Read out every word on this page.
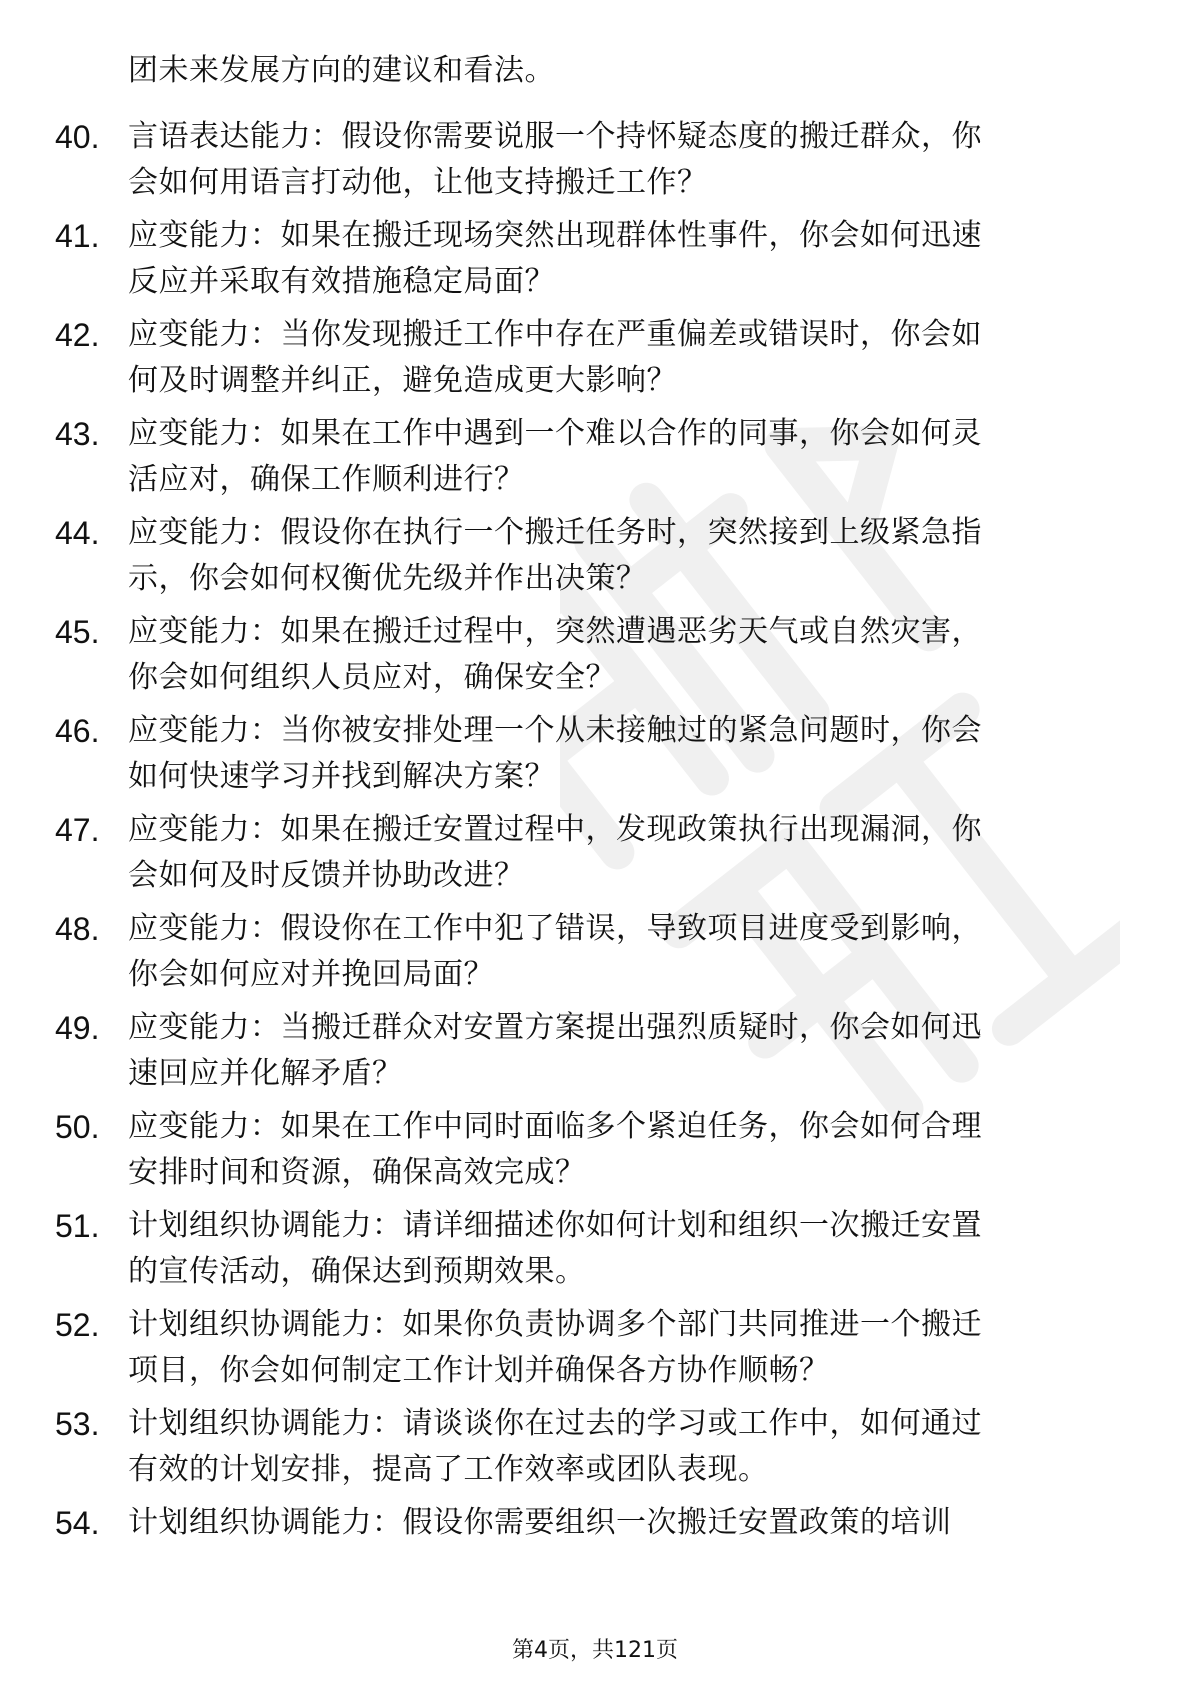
团未来发展方向的建议和看法。
40. 言语表达能力：假设你需要说服一个持怀疑态度的搬迁群众，你
会如何用语言打动他，让他支持搬迁工作？
41. 应变能力：如果在搬迁现场突然出现群体性事件，你会如何迅速
反应并采取有效措施稳定局面？
42. 应变能力：当你发现搬迁工作中存在严重偏差或错误时，你会如
何及时调整并纠正，避免造成更大影响？
43. 应变能力：如果在工作中遇到一个难以合作的同事，你会如何灵
活应对，确保工作顺利进行？
44. 应变能力：假设你在执行一个搬迁任务时，突然接到上级紧急指
示，你会如何权衡优先级并作出决策？
45. 应变能力：如果在搬迁过程中，突然遭遇恶劣天气或自然灾害，
你会如何组织人员应对，确保安全？
46. 应变能力：当你被安排处理一个从未接触过的紧急问题时，你会
如何快速学习并找到解决方案？
47. 应变能力：如果在搬迁安置过程中，发现政策执行出现漏洞，你
会如何及时反馈并协助改进？
48. 应变能力：假设你在工作中犯了错误，导致项目进度受到影响，
你会如何应对并挽回局面？
49. 应变能力：当搬迁群众对安置方案提出强烈质疑时，你会如何迅
速回应并化解矛盾？
50. 应变能力：如果在工作中同时面临多个紧迫任务，你会如何合理
安排时间和资源，确保高效完成？
51. 计划组织协调能力：请详细描述你如何计划和组织一次搬迁安置
的宣传活动，确保达到预期效果。
52. 计划组织协调能力：如果你负责协调多个部门共同推进一个搬迁
项目，你会如何制定工作计划并确保各方协作顺畅？
53. 计划组织协调能力：请谈谈你在过去的学习或工作中，如何通过
有效的计划安排，提高了工作效率或团队表现。
54. 计划组织协调能力：假设你需要组织一次搬迁安置政策的培训
第4页，共121页
